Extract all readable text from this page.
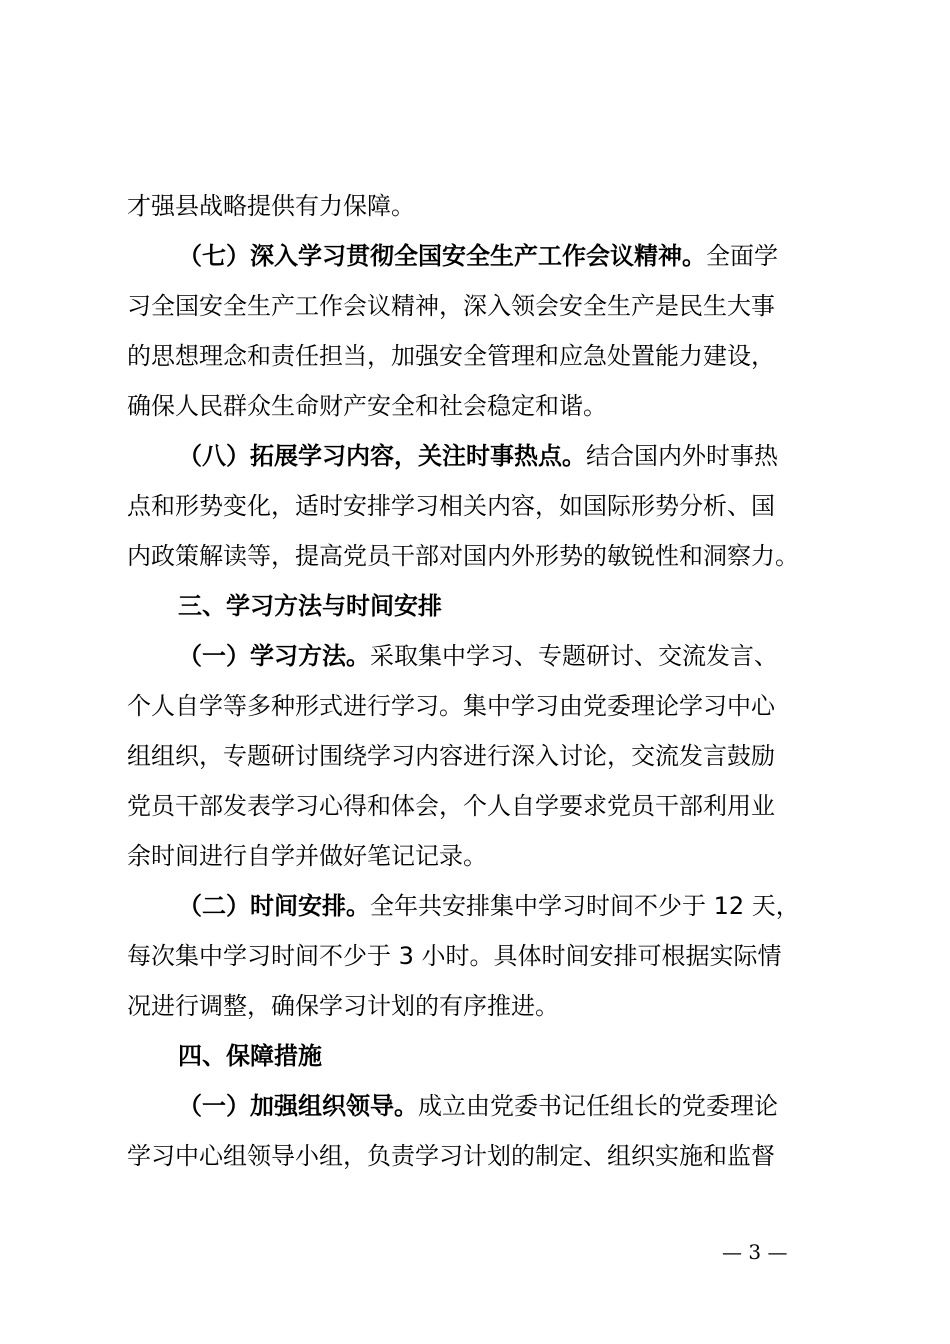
才强县战略提供有力保障。
（七）深入学习贯彻全国安全生产工作会议精神。全面学
习全国安全生产工作会议精神，深入领会安全生产是民生大事
的思想理念和责任担当，加强安全管理和应急处置能力建设，
确保人民群众生命财产安全和社会稳定和谐。
（八）拓展学习内容，关注时事热点。结合国内外时事热
点和形势变化，适时安排学习相关内容，如国际形势分析、国
内政策解读等，提高党员干部对国内外形势的敏锐性和洞察力。
三、学习方法与时间安排
（一）学习方法。采取集中学习、专题研讨、交流发言、
个人自学等多种形式进行学习。集中学习由党委理论学习中心
组组织，专题研讨围绕学习内容进行深入讨论，交流发言鼓励
党员干部发表学习心得和体会，个人自学要求党员干部利用业
余时间进行自学并做好笔记记录。
（二）时间安排。全年共安排集中学习时间不少于 12 天，
每次集中学习时间不少于 3 小时。具体时间安排可根据实际情
况进行调整，确保学习计划的有序推进。
四、保障措施
（一）加强组织领导。成立由党委书记任组长的党委理论
学习中心组领导小组，负责学习计划的制定、组织实施和监督
— 3 —
